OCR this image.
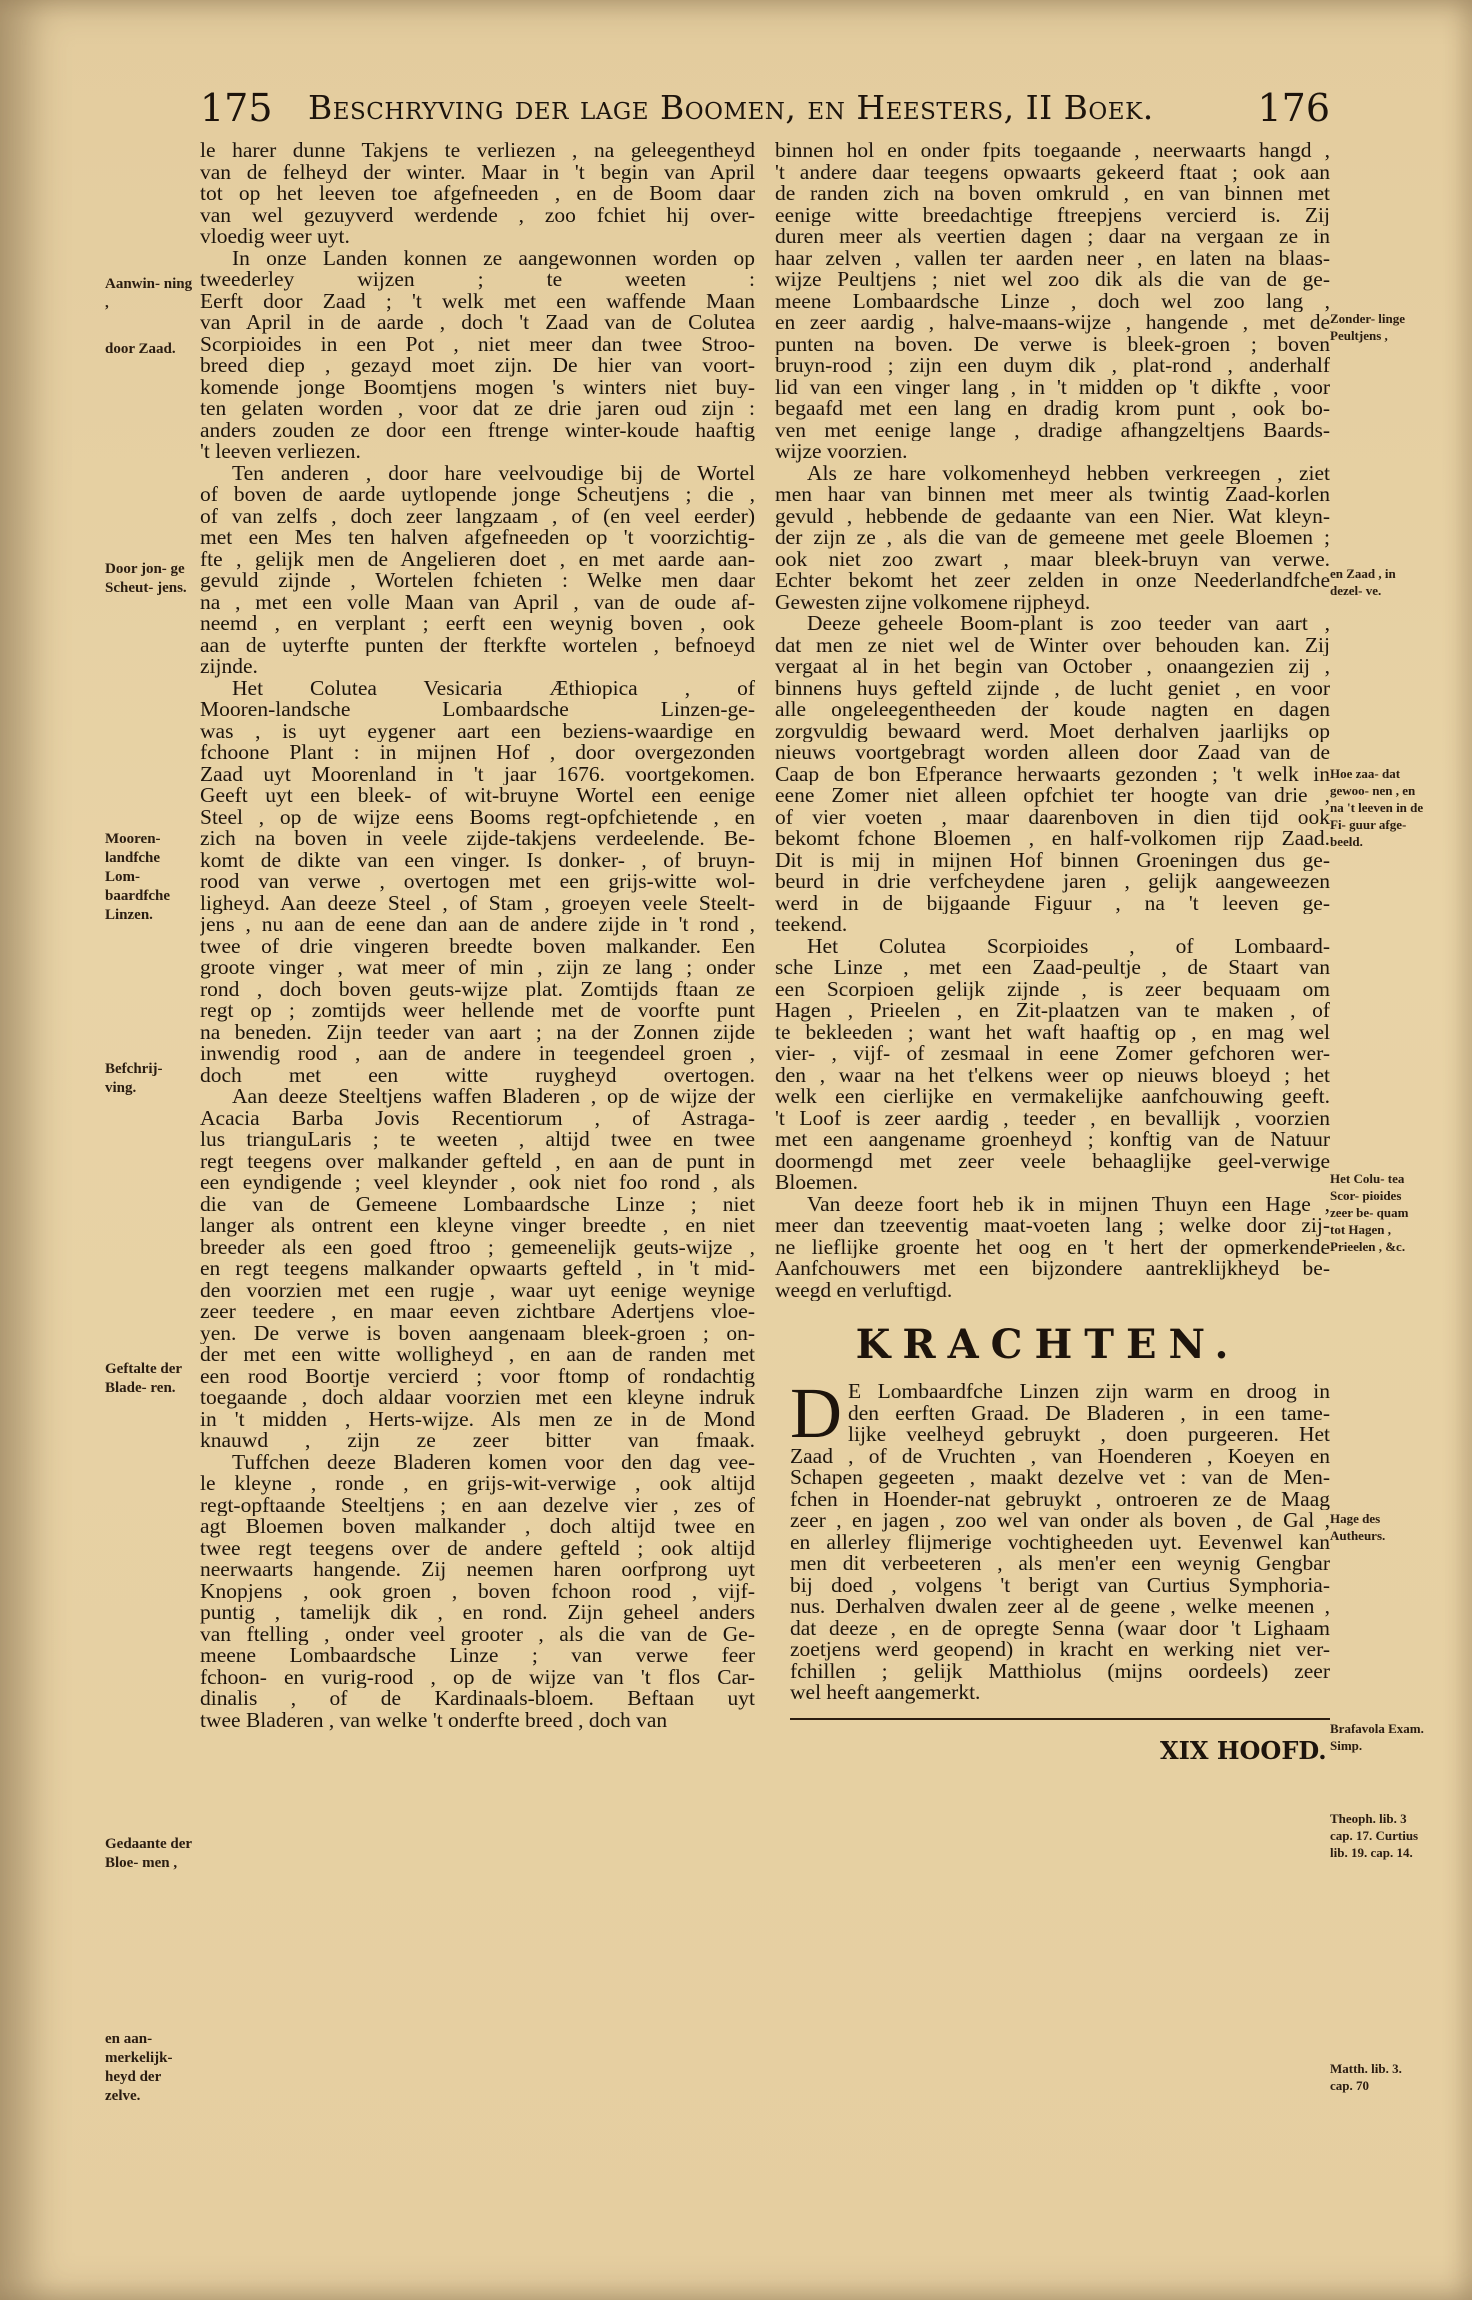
175 Beschryving der lage Boomen, en Heesters, II Boek.	176
le harer dunne Takjens te verliezen , na geleegentheyd
van de felheyd der winter. Maar in 't begin van April
tot op het leeven toe afgefneeden , en de Boom daar
van wel gezuyverd werdende , zoo fchiet hij over-
vloedig weer uyt.
In onze Landen konnen ze aangewonnen worden op
tweederley wijzen ; te weeten :
Eerft door Zaad ; 't welk met een waffende Maan
van April in de aarde , doch 't Zaad van de Colutea
Scorpioides in een Pot , niet meer dan twee Stroo-
breed diep , gezayd moet zijn. De hier van voort-
komende jonge Boomtjens mogen 's winters niet buy-
ten gelaten worden , voor dat ze drie jaren oud zijn :
anders zouden ze door een ftrenge winter-koude haaftig
't leeven verliezen.
Ten anderen , door hare veelvoudige bij de Wortel
of boven de aarde uytlopende jonge Scheutjens ; die ,
of van zelfs , doch zeer langzaam , of (en veel eerder)
met een Mes ten halven afgefneeden op 't voorzichtig-
fte , gelijk men de Angelieren doet , en met aarde aan-
gevuld zijnde , Wortelen fchieten : Welke men daar
na , met een volle Maan van April , van de oude af-
neemd , en verplant ; eerft een weynig boven , ook
aan de uyterfte punten der fterkfte wortelen , befnoeyd
zijnde.
Het Colutea Vesicaria Æthiopica , of
Mooren-landsche Lombaardsche Linzen-ge-
was , is uyt eygener aart een beziens-waardige en
fchoone Plant : in mijnen Hof , door overgezonden
Zaad uyt Moorenland in 't jaar 1676. voortgekomen.
Geeft uyt een bleek- of wit-bruyne Wortel een eenige
Steel , op de wijze eens Booms regt-opfchietende , en
zich na boven in veele zijde-takjens verdeelende. Be-
komt de dikte van een vinger. Is donker- , of bruyn-
rood van verwe , overtogen met een grijs-witte wol-
ligheyd. Aan deeze Steel , of Stam , groeyen veele Steelt-
jens , nu aan de eene dan aan de andere zijde in 't rond ,
twee of drie vingeren breedte boven malkander. Een
groote vinger , wat meer of min , zijn ze lang ; onder
rond , doch boven geuts-wijze plat. Zomtijds ftaan ze
regt op ; zomtijds weer hellende met de voorfte punt
na beneden. Zijn teeder van aart ; na der Zonnen zijde
inwendig rood , aan de andere in teegendeel groen ,
doch met een witte ruygheyd overtogen.
Aan deeze Steeltjens waffen Bladeren , op de wijze der
Acacia Barba Jovis Recentiorum , of Astraga-
lus trianguLaris ; te weeten , altijd twee en twee
regt teegens over malkander gefteld , en aan de punt in
een eyndigende ; veel kleynder , ook niet foo rond , als
die van de Gemeene Lombaardsche Linze ; niet
langer als ontrent een kleyne vinger breedte , en niet
breeder als een goed ftroo ; gemeenelijk geuts-wijze ,
en regt teegens malkander opwaarts gefteld , in 't mid-
den voorzien met een rugje , waar uyt eenige weynige
zeer teedere , en maar eeven zichtbare Adertjens vloe-
yen. De verwe is boven aangenaam bleek-groen ; on-
der met een witte wolligheyd , en aan de randen met
een rood Boortje vercierd ; voor ftomp of rondachtig
toegaande , doch aldaar voorzien met een kleyne indruk
in 't midden , Herts-wijze. Als men ze in de Mond
knauwd , zijn ze zeer bitter van fmaak.
Tuffchen deeze Bladeren komen voor den dag vee-
le kleyne , ronde , en grijs-wit-verwige , ook altijd
regt-opftaande Steeltjens ; en aan dezelve vier , zes of
agt Bloemen boven malkander , doch altijd twee en
twee regt teegens over de andere gefteld ; ook altijd
neerwaarts hangende. Zij neemen haren oorfprong uyt
Knopjens , ook groen , boven fchoon rood , vijf-
puntig , tamelijk dik , en rond. Zijn geheel anders
van ftelling , onder veel grooter , als die van de Ge-
meene Lombaardsche Linze ; van verwe feer
fchoon- en vurig-rood , op de wijze van 't flos Car-
dinalis , of de Kardinaals-bloem. Beftaan uyt
twee Bladeren , van welke 't onderfte breed , doch van
binnen hol en onder fpits toegaande , neerwaarts hangd ,
't andere daar teegens opwaarts gekeerd ftaat ; ook aan
de randen zich na boven omkruld , en van binnen met
eenige witte breedachtige ftreepjens vercierd is. Zij
duren meer als veertien dagen ; daar na vergaan ze in
haar zelven , vallen ter aarden neer , en laten na blaas-
wijze Peultjens ; niet wel zoo dik als die van de ge-
meene Lombaardsche Linze , doch wel zoo lang ,
en zeer aardig , halve-maans-wijze , hangende , met de
punten na boven. De verwe is bleek-groen ; boven
bruyn-rood ; zijn een duym dik , plat-rond , anderhalf
lid van een vinger lang , in 't midden op 't dikfte , voor
begaafd met een lang en dradig krom punt , ook bo-
ven met eenige lange , dradige afhangzeltjens Baards-
wijze voorzien.
Als ze hare volkomenheyd hebben verkreegen , ziet
men haar van binnen met meer als twintig Zaad-korlen
gevuld , hebbende de gedaante van een Nier. Wat kleyn-
der zijn ze , als die van de gemeene met geele Bloemen ;
ook niet zoo zwart , maar bleek-bruyn van verwe.
Echter bekomt het zeer zelden in onze Neederlandfche
Gewesten zijne volkomene rijpheyd.
Deeze geheele Boom-plant is zoo teeder van aart ,
dat men ze niet wel de Winter over behouden kan. Zij
vergaat al in het begin van October , onaangezien zij ,
binnens huys gefteld zijnde , de lucht geniet , en voor
alle ongeleegentheeden der koude nagten en dagen
zorgvuldig bewaard werd. Moet derhalven jaarlijks op
nieuws voortgebragt worden alleen door Zaad van de
Caap de bon Efperance herwaarts gezonden ; 't welk in
eene Zomer niet alleen opfchiet ter hoogte van drie ,
of vier voeten , maar daarenboven in dien tijd ook
bekomt fchone Bloemen , en half-volkomen rijp Zaad.
Dit is mij in mijnen Hof binnen Groeningen dus ge-
beurd in drie verfcheydene jaren , gelijk aangeweezen
werd in de bijgaande Figuur , na 't leeven ge-
teekend.
Het Colutea Scorpioides , of Lombaard-
sche Linze , met een Zaad-peultje , de Staart van
een Scorpioen gelijk zijnde , is zeer bequaam om
Hagen , Prieelen , en Zit-plaatzen van te maken , of
te bekleeden ; want het waft haaftig op , en mag wel
vier- , vijf- of zesmaal in eene Zomer gefchoren wer-
den , waar na het t'elkens weer op nieuws bloeyd ; het
welk een cierlijke en vermakelijke aanfchouwing geeft.
't Loof is zeer aardig , teeder , en bevallijk , voorzien
met een aangename groenheyd ; konftig van de Natuur
doormengd met zeer veele behaaglijke geel-verwige
Bloemen.
Van deeze foort heb ik in mijnen Thuyn een Hage ,
meer dan tzeeventig maat-voeten lang ; welke door zij-
ne lieflijke groente het oog en 't hert der opmerkende
Aanfchouwers met een bijzondere aantreklijkheyd be-
weegd en verluftigd.
Aanwin- ning ,
door Zaad.
Door jon- ge Scheut- jens.
Mooren- landfche Lom- baardfche Linzen.
Befchrij- ving.
Geftalte der Blade- ren.
Gedaante der Bloe- men ,
en aan- merkelijk- heyd der zelve.
Zonder- linge Peultjens ,
en Zaad , in dezel- ve.
Hoe zaa- dat gewoo- nen , en na 't leeven in de Fi- guur afge- beeld.
Het Colu- tea Scor- pioides zeer be- quam tot Hagen , Prieelen , &c.
Hage des Autheurs.
Brafavola Exam. Simp.
Theoph. lib. 3 cap. 17. Curtius lib. 19. cap. 14.
Matth. lib. 3. cap. 70
KRACHTEN.
D E Lombaardfche Linzen zijn warm en droog in
den eerften Graad. De Bladeren , in een tame-
lijke veelheyd gebruykt , doen purgeeren. Het
Zaad , of de Vruchten , van Hoenderen , Koeyen en
Schapen gegeeten , maakt dezelve vet : van de Men-
fchen in Hoender-nat gebruykt , ontroeren ze de Maag
zeer , en jagen , zoo wel van onder als boven , de Gal ,
en allerley flijmerige vochtigheeden uyt. Eevenwel kan
men dit verbeeteren , als men'er een weynig Gengbar
bij doed , volgens 't berigt van Curtius Symphoria-
nus. Derhalven dwalen zeer al de geene , welke meenen ,
dat deeze , en de opregte Senna (waar door 't Lighaam
zoetjens werd geopend) in kracht en werking niet ver-
fchillen ; gelijk Matthiolus (mijns oordeels) zeer
wel heeft aangemerkt.
XIX HOOFD.
